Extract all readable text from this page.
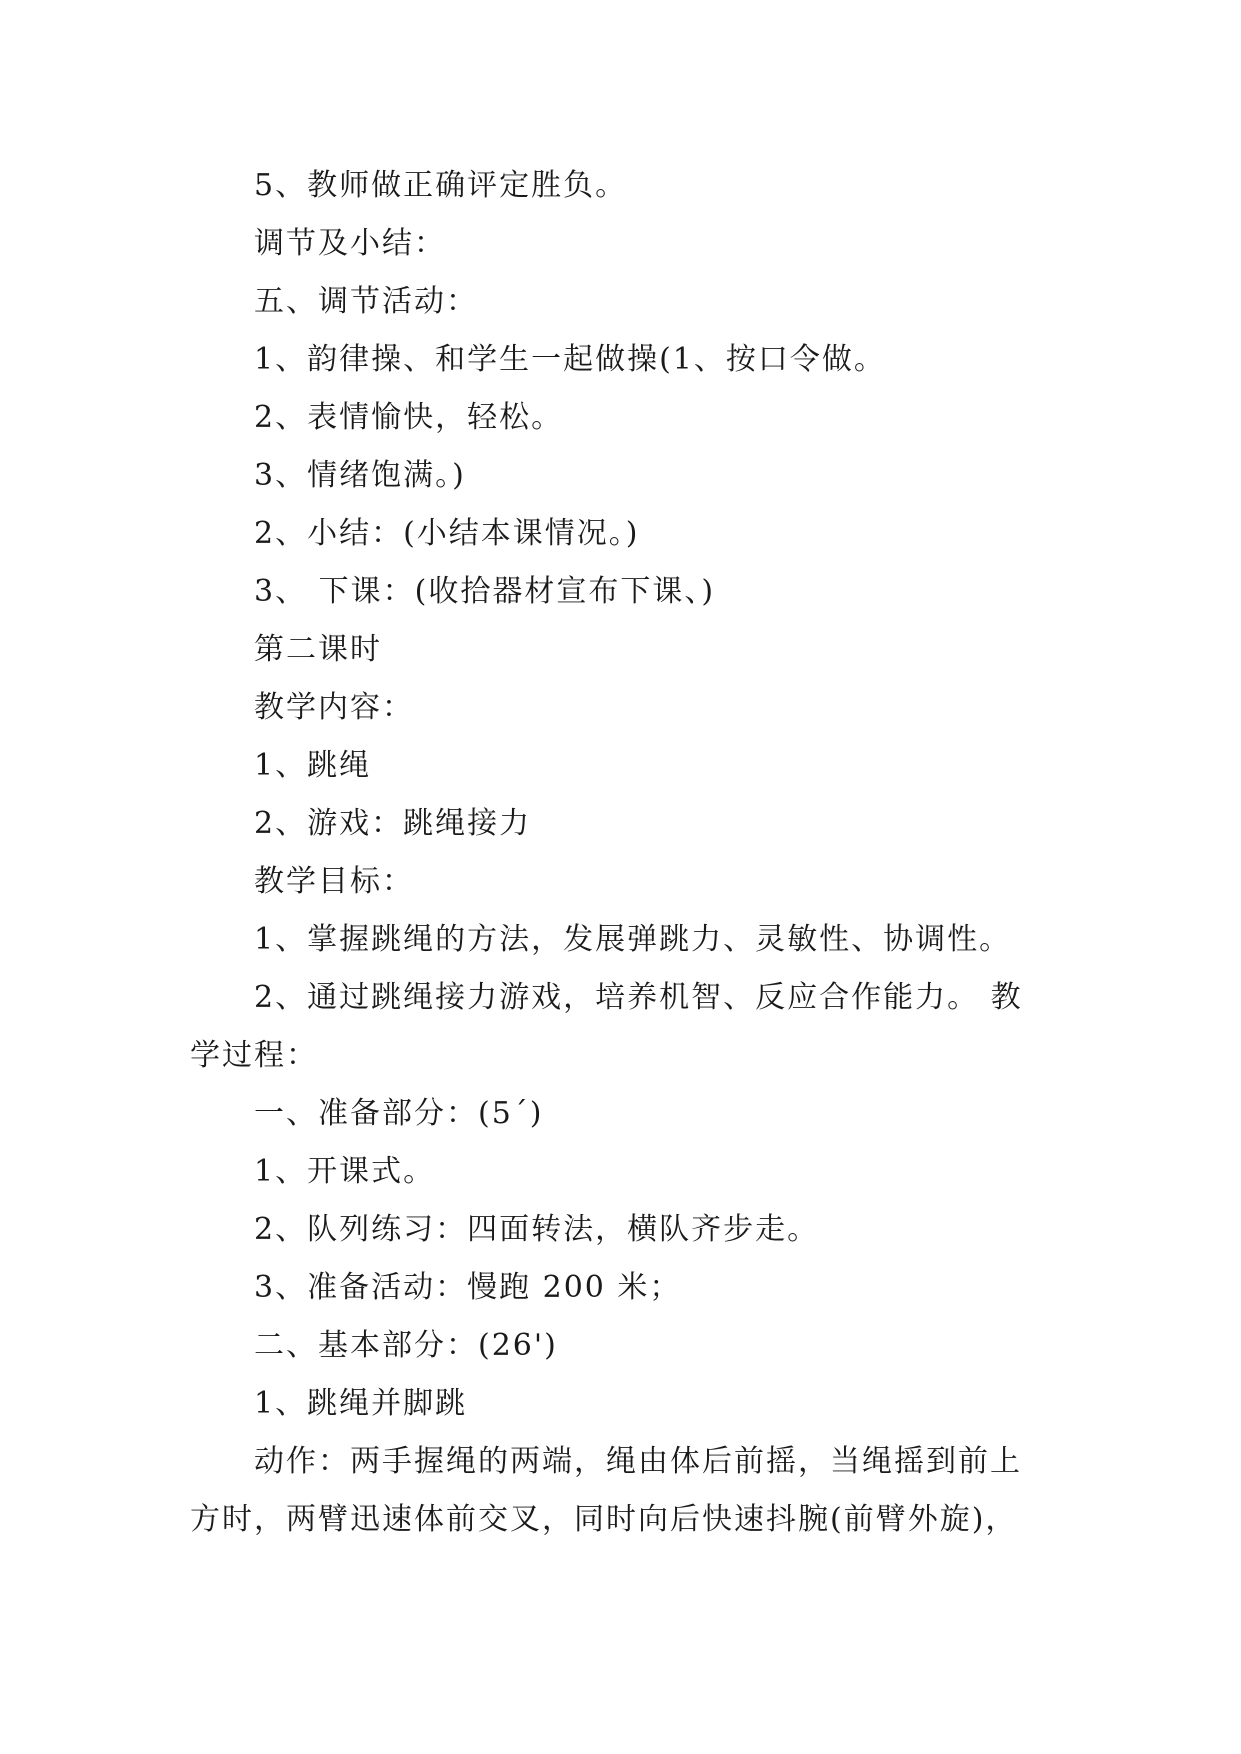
5、教师做正确评定胜负。
调节及小结：
五、调节活动：
1、韵律操、和学生一起做操(1、按口令做。
2、表情愉快，轻松。
3、情绪饱满。)
2、小结：(小结本课情况。)
3、 下课：(收拾器材宣布下课、)
第二课时
教学内容：
1、跳绳
2、游戏：跳绳接力
教学目标：
1、掌握跳绳的方法，发展弹跳力、灵敏性、协调性。
2、通过跳绳接力游戏，培养机智、反应合作能力。 教
学过程：
一、准备部分：(5´)
1、开课式。
2、队列练习：四面转法，横队齐步走。
3、准备活动：慢跑 200 米；
二、基本部分：(26')
1、跳绳并脚跳
动作：两手握绳的两端，绳由体后前摇，当绳摇到前上
方时，两臂迅速体前交叉，同时向后快速抖腕(前臂外旋)，
